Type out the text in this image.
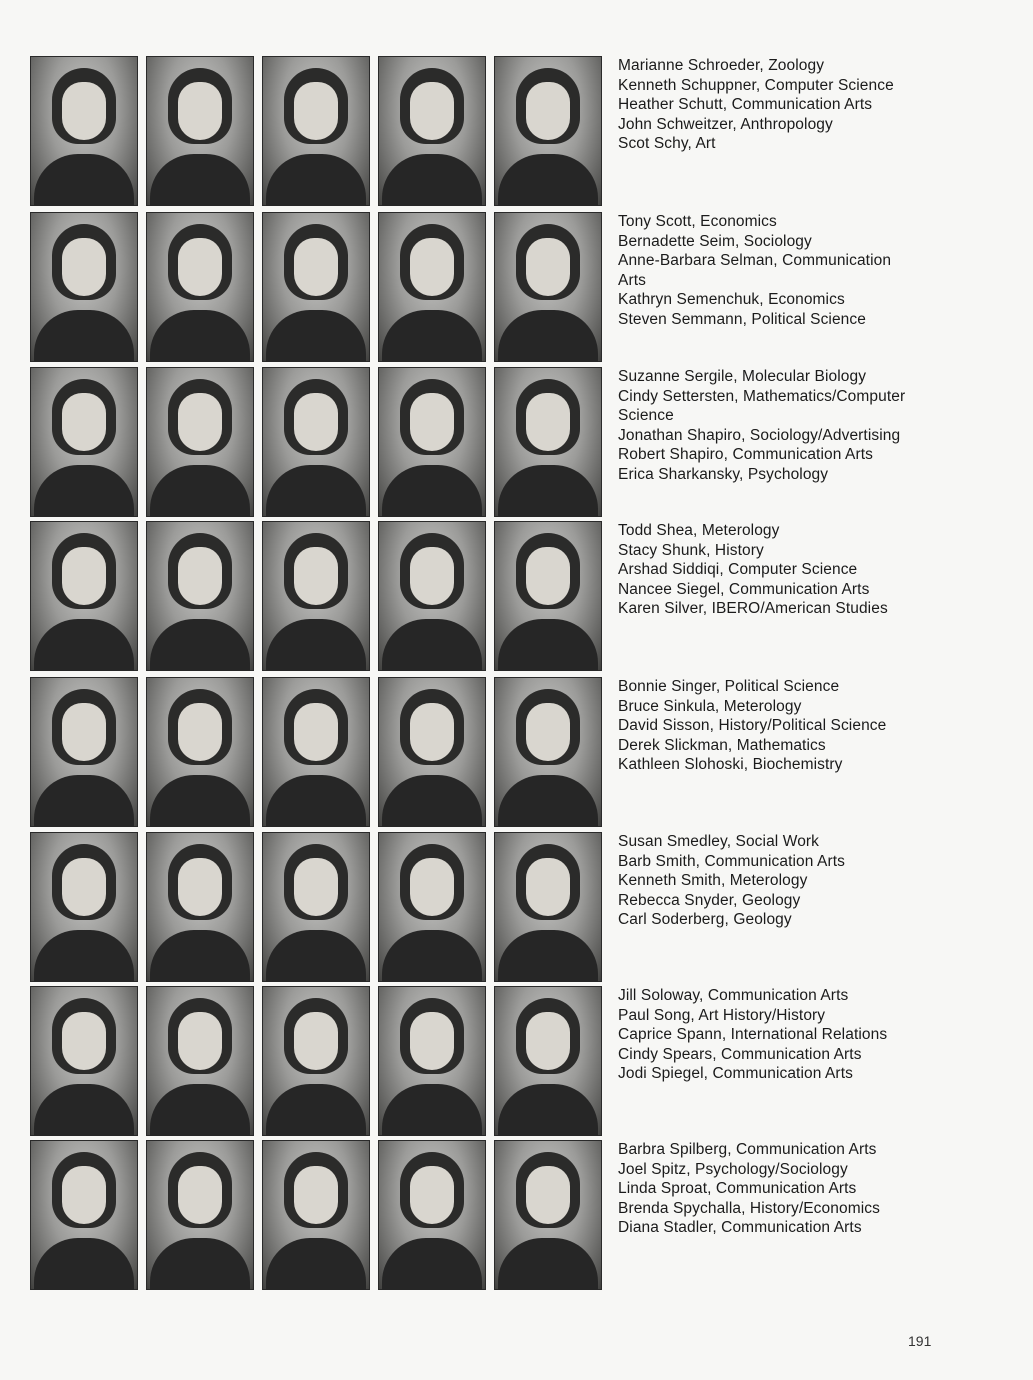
Marianne Schroeder, Zoology
Kenneth Schuppner, Computer Science
Heather Schutt, Communication Arts
John Schweitzer, Anthropology
Scot Schy, Art
Tony Scott, Economics
Bernadette Seim, Sociology
Anne-Barbara Selman, Communication
Arts
Kathryn Semenchuk, Economics
Steven Semmann, Political Science
Suzanne Sergile, Molecular Biology
Cindy Settersten, Mathematics/Computer
Science
Jonathan Shapiro, Sociology/Advertising
Robert Shapiro, Communication Arts
Erica Sharkansky, Psychology
Todd Shea, Meterology
Stacy Shunk, History
Arshad Siddiqi, Computer Science
Nancee Siegel, Communication Arts
Karen Silver, IBERO/American Studies
Bonnie Singer, Political Science
Bruce Sinkula, Meterology
David Sisson, History/Political Science
Derek Slickman, Mathematics
Kathleen Slohoski, Biochemistry
Susan Smedley, Social Work
Barb Smith, Communication Arts
Kenneth Smith, Meterology
Rebecca Snyder, Geology
Carl Soderberg, Geology
Jill Soloway, Communication Arts
Paul Song, Art History/History
Caprice Spann, International Relations
Cindy Spears, Communication Arts
Jodi Spiegel, Communication Arts
Barbra Spilberg, Communication Arts
Joel Spitz, Psychology/Sociology
Linda Sproat, Communication Arts
Brenda Spychalla, History/Economics
Diana Stadler, Communication Arts
191
